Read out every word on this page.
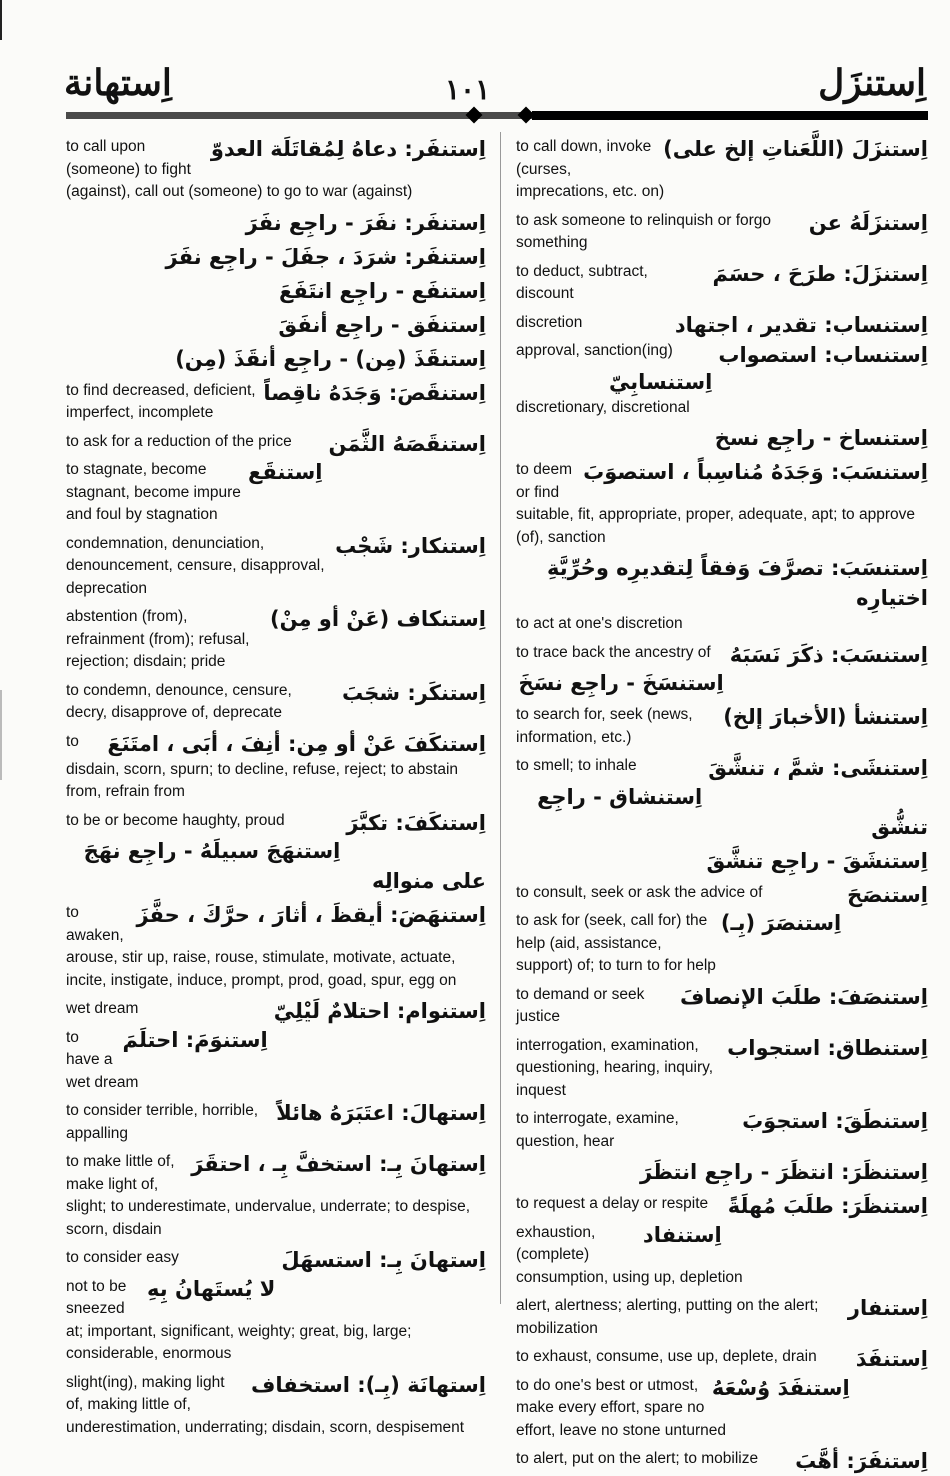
اِستهانة	١٠١	اِستنزَل
اِستنفَر: دعاهُ لِمُقاتَلَة العدوّ
to call upon (someone) to fight (against), call out (someone) to go to war (against)
اِستنفَر: نفَرَ - راجِع نفَرَ
اِستنفَر: شرَدَ ، جفَلَ - راجِع نفَرَ
اِستنفَع - راجِع انتَفَعَ
اِستنفَق - راجِع أنفَقَ
اِستنقَذَ (مِن) - راجِع أنقَذَ (مِن)
اِستنقَصَ: وَجَدَهُ ناقِصاً
to find decreased, deficient, imperfect, incomplete
اِستنقَصَهُ الثَّمَن
to ask for a reduction of the price
اِستنقَع
to stagnate, become stagnant, become impure and foul by stagnation
اِستنكار: شَجْب
condemnation, denunciation, denouncement, censure, disapproval, deprecation
اِستنكاف (عَنْ أو مِنْ)
abstention (from), refrainment (from); refusal, rejection; disdain; pride
اِستنكَر: شجَبَ
to condemn, denounce, censure, decry, disapprove of, deprecate
اِستنكَفَ عَنْ أو مِن: أنِفَ ، أبَى ، امتَنَعَ
to disdain, scorn, spurn; to decline, refuse, reject; to abstain from, refrain from
اِستنكَفَ: تكبَّرَ
to be or become haughty, proud
اِستنهَجَ سبيلَهُ - راجِع نهَجَ على منوالِه
اِستنهَضَ: أيقظَ ، أثارَ ، حرَّكَ ، حفَّزَ
to awaken, arouse, stir up, raise, rouse, stimulate, motivate, actuate, incite, instigate, induce, prompt, prod, goad, spur, egg on
اِستنوام: احتلامٌ لَيْلِيّ
wet dream
اِستنوَمَ: احتلَمَ
to have a wet dream
اِستهالَ: اعتَبَرَهُ هائلاً
to consider terrible, horrible, appalling
اِستهانَ بِـ: استخفَّ بِـ ، احتقَرَ
to make little of, make light of, slight; to underestimate, undervalue, underrate; to despise, scorn, disdain
اِستهانَ بِـ: استسهَلَ
to consider easy
لا يُستَهانُ بِهِ
not to be sneezed at; important, significant, weighty; great, big, large; considerable, enormous
اِستهانَة (بِـ): استخفاف
slight(ing), making light of, making little of, underestimation, underrating; disdain, scorn, despisement
اِستنزَلَ (اللَّعَناتِ إلخ على)
to call down, invoke (curses, imprecations, etc. on)
اِستنزَلَهُ عن
to ask someone to relinquish or forgo something
اِستنزَلَ: طرَحَ ، حسَمَ
to deduct, subtract, discount
اِستنساب: تقدير ، اجتهاد
discretion
اِستنساب: استصواب
approval, sanction(ing)
اِستنسابِيّ
discretionary, discretional
اِستنساخ - راجِع نسخ
اِستنسَبَ: وَجَدَهُ مُناسِباً ، استصوَبَ
to deem or find suitable, fit, appropriate, proper, adequate, apt; to approve (of), sanction
اِستنسَبَ: تصرَّفَ وَفقاً لِتقديرِه وحُرِّيَّةِ اختيارِه
to act at one's discretion
اِستنسَبَ: ذكَرَ نَسَبَهُ
to trace back the ancestry of
اِستنسَخَ - راجِع نسَخَ
اِستنشأ (الأخبارَ إلخ)
to search for, seek (news, information, etc.)
اِستنشَى: شمَّ ، تنشَّقَ
to smell; to inhale
اِستنشاق - راجِع تنشُّق
اِستنشَقَ - راجِع تنشَّقَ
اِستنصَحَ
to consult, seek or ask the advice of
اِستنصَرَ (بِـ)
to ask for (seek, call for) the help (aid, assistance, support) of; to turn to for help
اِستنصَفَ: طلَبَ الإنصافَ
to demand or seek justice
اِستنطاق: استجواب
interrogation, examination, questioning, hearing, inquiry, inquest
اِستنطَقَ: استجوَبَ
to interrogate, examine, question, hear
اِستنظَرَ: انتظَرَ - راجِع انتظَرَ
اِستنظَرَ: طلَبَ مُهلَةً
to request a delay or respite
اِستنفاد
exhaustion, (complete) consumption, using up, depletion
اِستنفار
alert, alertness; alerting, putting on the alert; mobilization
اِستنفَدَ
to exhaust, consume, use up, deplete, drain
اِستنفَدَ وُسْعَهُ
to do one's best or utmost, make every effort, spare no effort, leave no stone unturned
اِستنفَرَ: أهَّبَ
to alert, put on the alert; to mobilize
